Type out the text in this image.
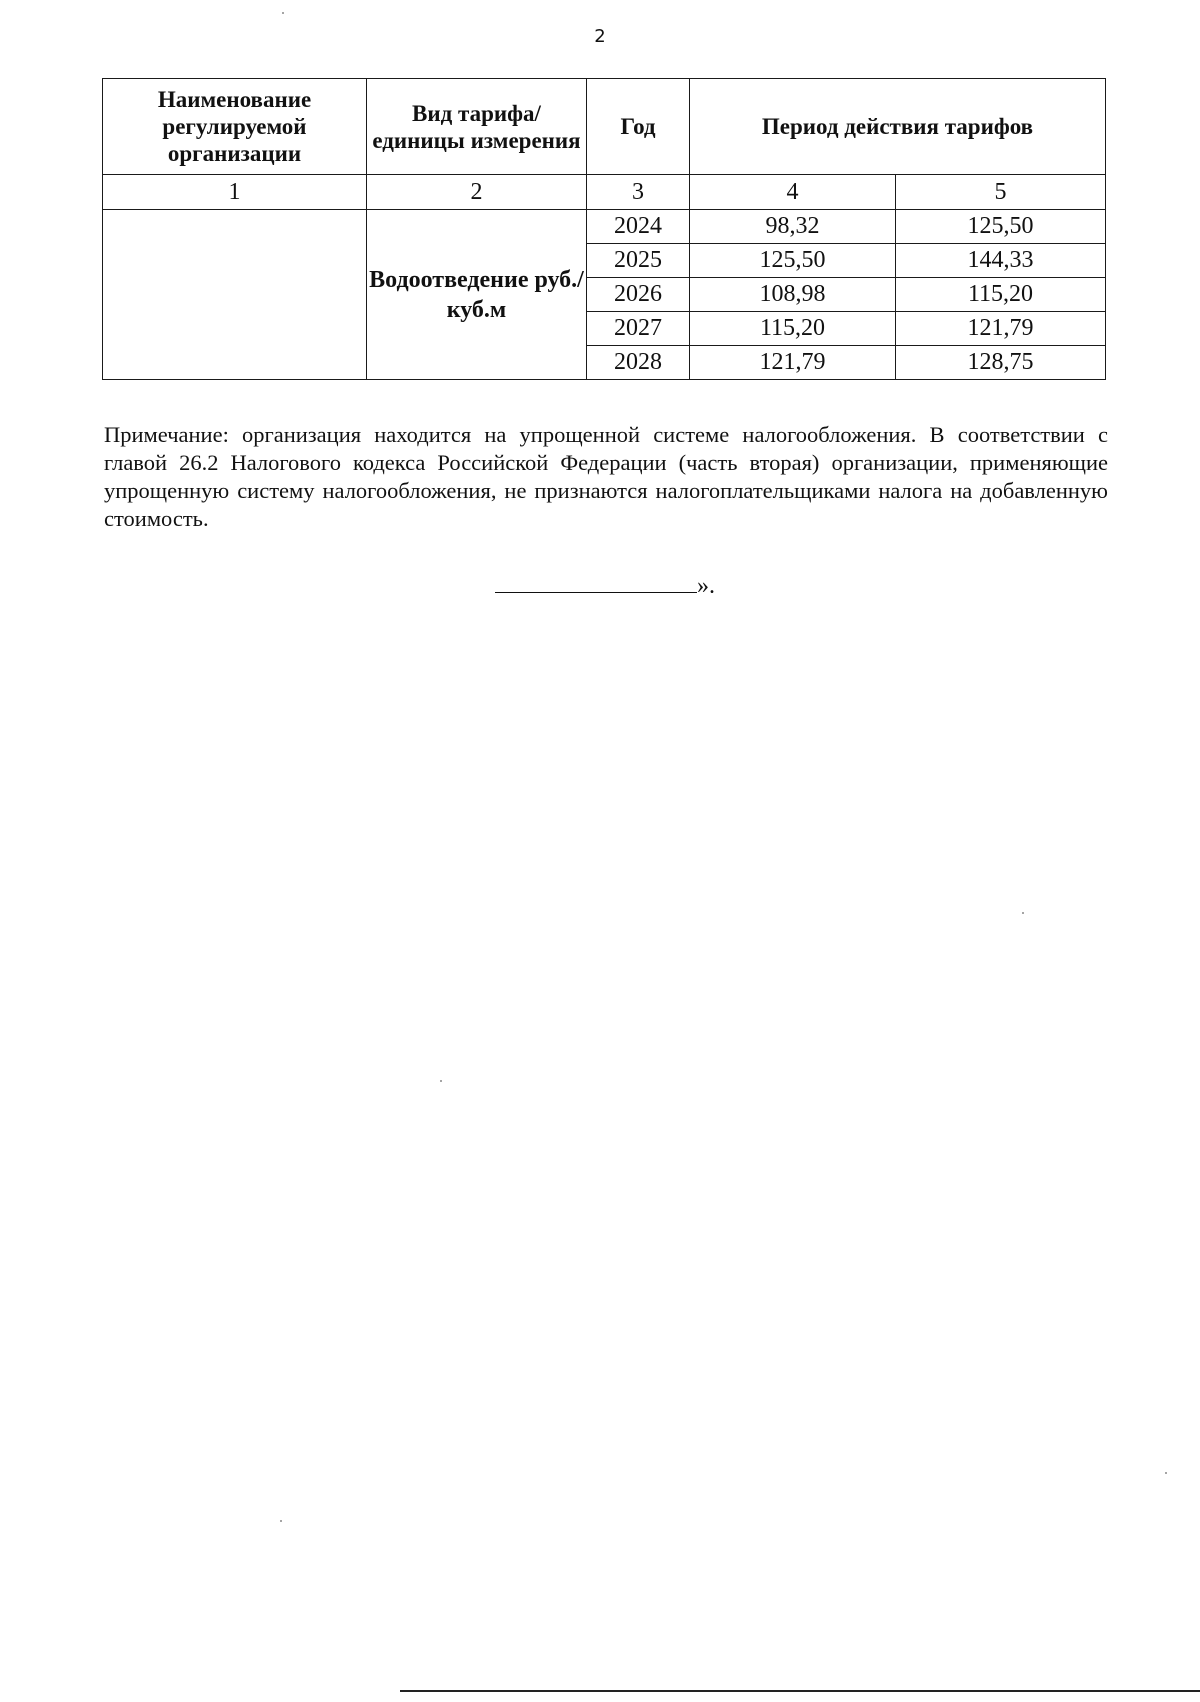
2
Наименование регулируемой организации	Вид тарифа/единицы измерения	Год	Период действия тарифов	
1	2	3	4	5
	Водоотведение руб./куб.м	2024	98,32	125,50
		2025	125,50	144,33
		2026	108,98	115,20
		2027	115,20	121,79
		2028	121,79	128,75

Примечание: организация находится на упрощенной системе налогообложения. В соответствии с главой 26.2 Налогового кодекса Российской Федерации (часть вторая) организации, применяющие упрощенную систему налогообложения, не признаются налогоплательщиками налога на добавленную стоимость.

».
